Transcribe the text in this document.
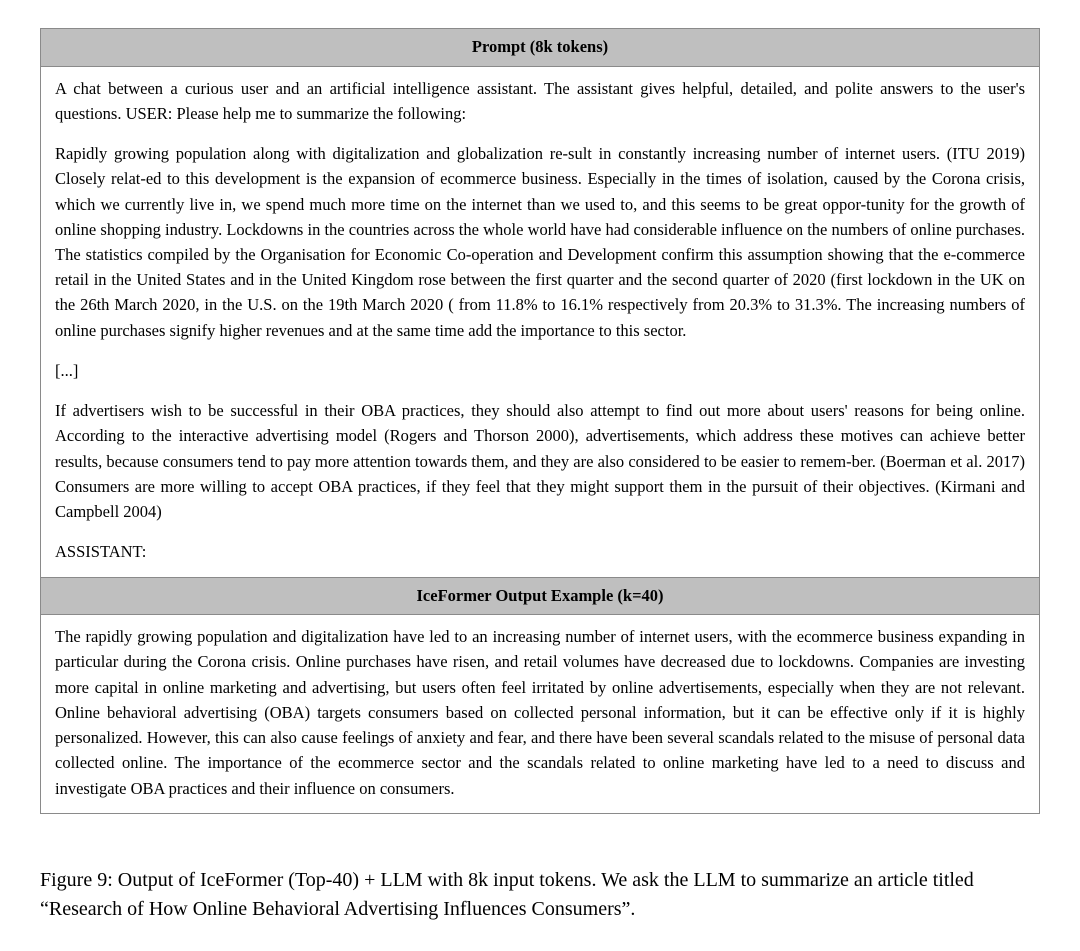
Prompt (8k tokens)

A chat between a curious user and an artificial intelligence assistant. The assistant gives helpful, detailed, and polite answers to the user's questions. USER: Please help me to summarize the following:

Rapidly growing population along with digitalization and globalization re-sult in constantly increasing number of internet users. (ITU 2019) Closely relat-ed to this development is the expansion of ecommerce business. Especially in the times of isolation, caused by the Corona crisis, which we currently live in, we spend much more time on the internet than we used to, and this seems to be great oppor-tunity for the growth of online shopping industry. Lockdowns in the countries across the whole world have had considerable influence on the numbers of online purchases. The statistics compiled by the Organisation for Economic Co-operation and Development confirm this assumption showing that the e-commerce retail in the United States and in the United Kingdom rose between the first quarter and the second quarter of 2020 (first lockdown in the UK on the 26th March 2020, in the U.S. on the 19th March 2020 ( from 11.8% to 16.1% respectively from 20.3% to 31.3%. The increasing numbers of online purchases signify higher revenues and at the same time add the importance to this sector.

[...]

If advertisers wish to be successful in their OBA practices, they should also attempt to find out more about users' reasons for being online. According to the interactive advertising model (Rogers and Thorson 2000), advertisements, which address these motives can achieve better results, because consumers tend to pay more attention towards them, and they are also considered to be easier to remem-ber. (Boerman et al. 2017) Consumers are more willing to accept OBA practices, if they feel that they might support them in the pursuit of their objectives. (Kirmani and Campbell 2004)

ASSISTANT:

IceFormer Output Example (k=40)

The rapidly growing population and digitalization have led to an increasing number of internet users, with the ecommerce business expanding in particular during the Corona crisis. Online purchases have risen, and retail volumes have decreased due to lockdowns. Companies are investing more capital in online marketing and advertising, but users often feel irritated by online advertisements, especially when they are not relevant. Online behavioral advertising (OBA) targets consumers based on collected personal information, but it can be effective only if it is highly personalized. However, this can also cause feelings of anxiety and fear, and there have been several scandals related to the misuse of personal data collected online. The importance of the ecommerce sector and the scandals related to online marketing have led to a need to discuss and investigate OBA practices and their influence on consumers.

Figure 9: Output of IceFormer (Top-40) + LLM with 8k input tokens. We ask the LLM to summarize an article titled “Research of How Online Behavioral Advertising Influences Consumers”.
